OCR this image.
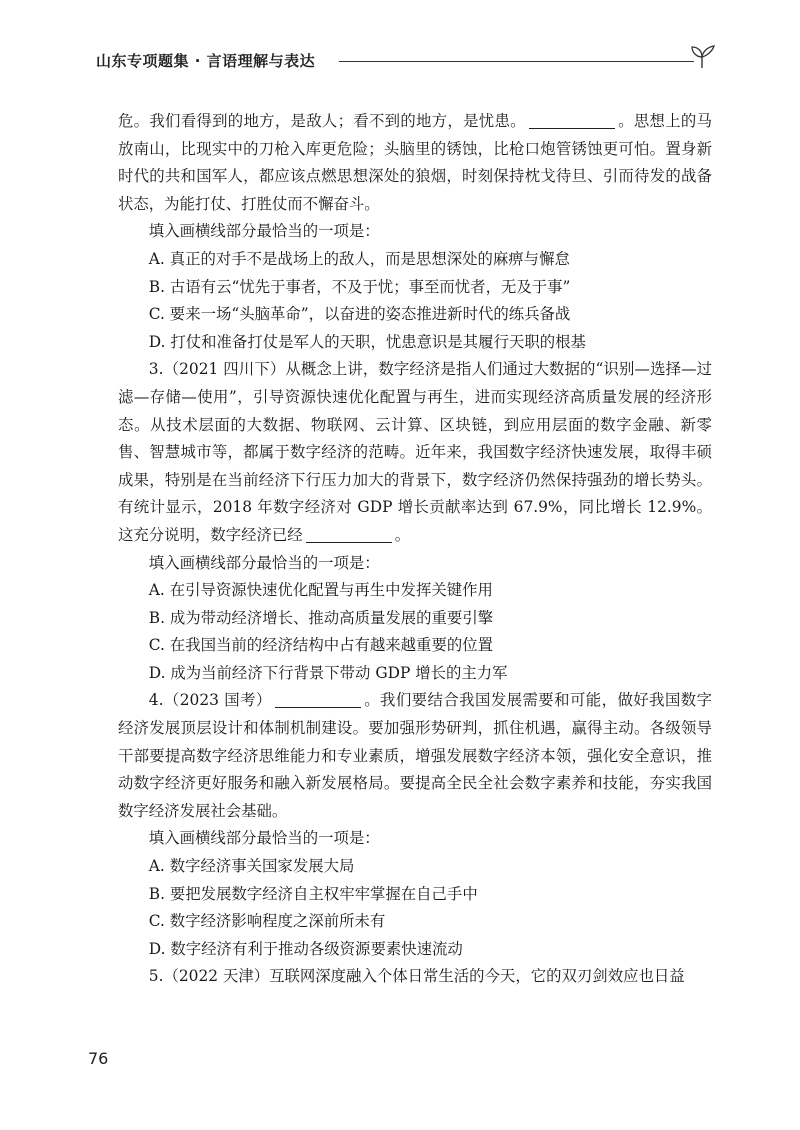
山东专项题集 · 言语理解与表达

危。我们看得到的地方，是敌人；看不到的地方，是忧患。	。思想上的马放南山，比现实中的刀枪入库更危险；头脑里的锈蚀，比枪口炮管锈蚀更可怕。置身新时代的共和国军人，都应该点燃思想深处的狼烟，时刻保持枕戈待旦、引而待发的战备状态，为能打仗、打胜仗而不懈奋斗。

填入画横线部分最恰当的一项是：

A. 真正的对手不是战场上的敌人，而是思想深处的麻痹与懈怠

B. 古语有云“忧先于事者，不及于忧；事至而忧者，无及于事”

C. 要来一场“头脑革命”，以奋进的姿态推进新时代的练兵备战

D. 打仗和准备打仗是军人的天职，忧患意识是其履行天职的根基

3.（2021 四川下）从概念上讲，数字经济是指人们通过大数据的“识别—选择—过滤—存储—使用”，引导资源快速优化配置与再生，进而实现经济高质量发展的经济形态。从技术层面的大数据、物联网、云计算、区块链，到应用层面的数字金融、新零售、智慧城市等，都属于数字经济的范畴。近年来，我国数字经济快速发展，取得丰硕成果，特别是在当前经济下行压力加大的背景下，数字经济仍然保持强劲的增长势头。有统计显示，2018 年数字经济对 GDP 增长贡献率达到 67.9%，同比增长 12.9%。这充分说明，数字经济已经	。

填入画横线部分最恰当的一项是：

A. 在引导资源快速优化配置与再生中发挥关键作用

B. 成为带动经济增长、推动高质量发展的重要引擎

C. 在我国当前的经济结构中占有越来越重要的位置

D. 成为当前经济下行背景下带动 GDP 增长的主力军

4.（2023 国考）	。我们要结合我国发展需要和可能，做好我国数字经济发展顶层设计和体制机制建设。要加强形势研判，抓住机遇，赢得主动。各级领导干部要提高数字经济思维能力和专业素质，增强发展数字经济本领，强化安全意识，推动数字经济更好服务和融入新发展格局。要提高全民全社会数字素养和技能，夯实我国数字经济发展社会基础。

填入画横线部分最恰当的一项是：

A. 数字经济事关国家发展大局

B. 要把发展数字经济自主权牢牢掌握在自己手中

C. 数字经济影响程度之深前所未有

D. 数字经济有利于推动各级资源要素快速流动

5.（2022 天津）互联网深度融入个体日常生活的今天，它的双刃剑效应也日益

76
